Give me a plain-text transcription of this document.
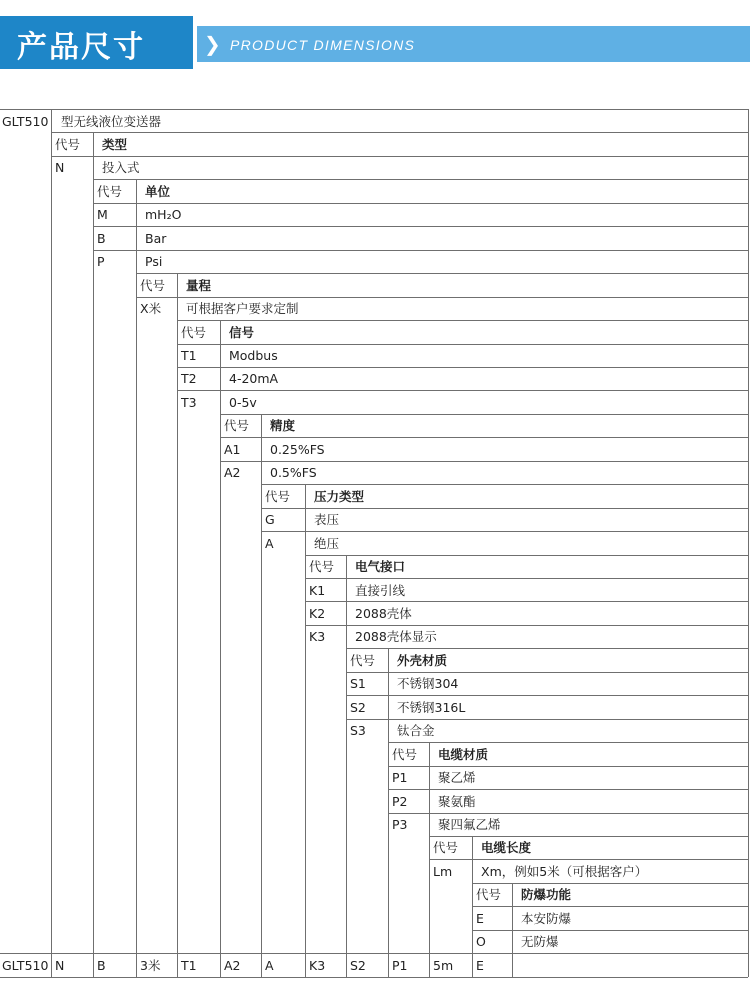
产品尺寸	❯ PRODUCT DIMENSIONS
GLT510 型无线液位变送器
代号 类型
N	投入式
代号 单位
M	mH₂O
B	Bar
P	Psi
代号 量程
X米 可根据客户要求定制
代号 信号
T1	Modbus
T2	4-20mA
T3	0-5v
代号 精度
A1 0.25%FS
A2 0.5%FS
代号 压力类型
G	表压
A	绝压
代号 电气接口
K1 直接引线
K2 2088壳体
K3 2088壳体显示
代号 外壳材质
S1 不锈钢304
S2 不锈钢316L
S3 钛合金
代号 电缆材质
P1 聚乙烯
P2 聚氨酯
P3 聚四氟乙烯
代号 电缆长度
Lm Xm，例如5米（可根据客户）
代号 防爆功能
E	本安防爆
O	无防爆
GLT510 N	B	3米 T1 A2 A	K3 S2 P1 5m E
